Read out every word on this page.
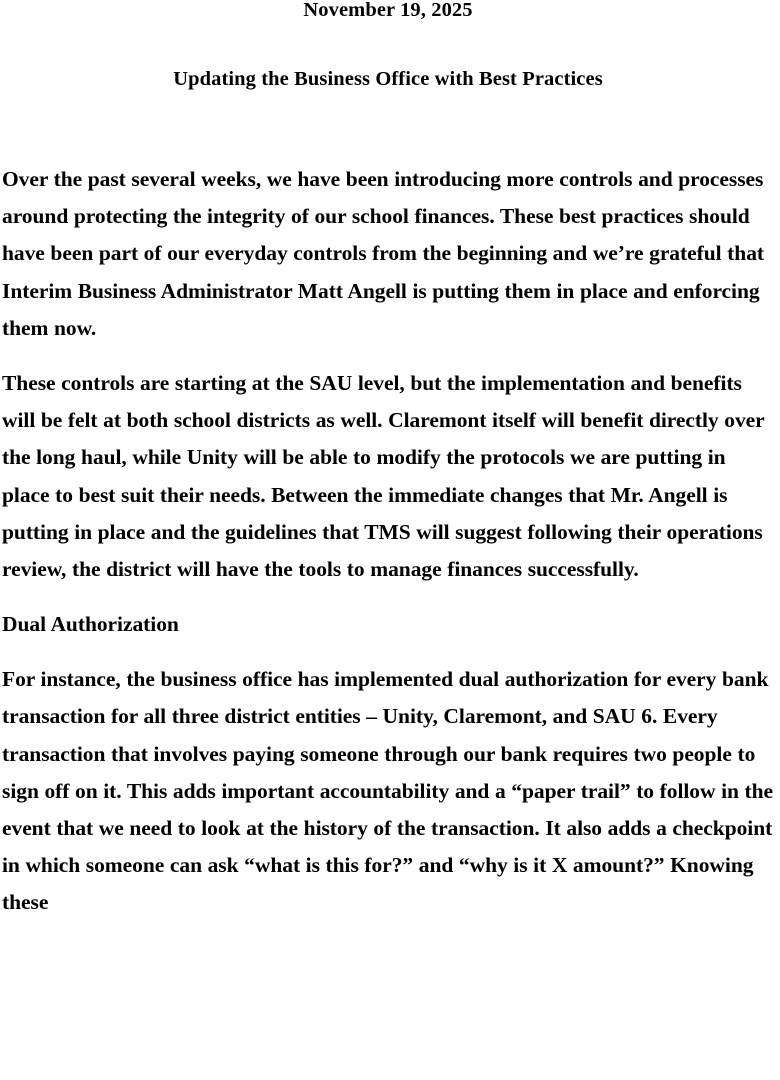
November 19, 2025
Updating the Business Office with Best Practices

Over the past several weeks, we have been introducing more controls and processes around protecting the integrity of our school finances. These best practices should have been part of our everyday controls from the beginning and we’re grateful that Interim Business Administrator Matt Angell is putting them in place and enforcing them now.

These controls are starting at the SAU level, but the implementation and benefits will be felt at both school districts as well. Claremont itself will benefit directly over the long haul, while Unity will be able to modify the protocols we are putting in place to best suit their needs. Between the immediate changes that Mr. Angell is putting in place and the guidelines that TMS will suggest following their operations review, the district will have the tools to manage finances successfully.

Dual Authorization

For instance, the business office has implemented dual authorization for every bank transaction for all three district entities – Unity, Claremont, and SAU 6. Every transaction that involves paying someone through our bank requires two people to sign off on it. This adds important accountability and a “paper trail” to follow in the event that we need to look at the history of the transaction. It also adds a checkpoint in which someone can ask “what is this for?” and “why is it X amount?” Knowing these
